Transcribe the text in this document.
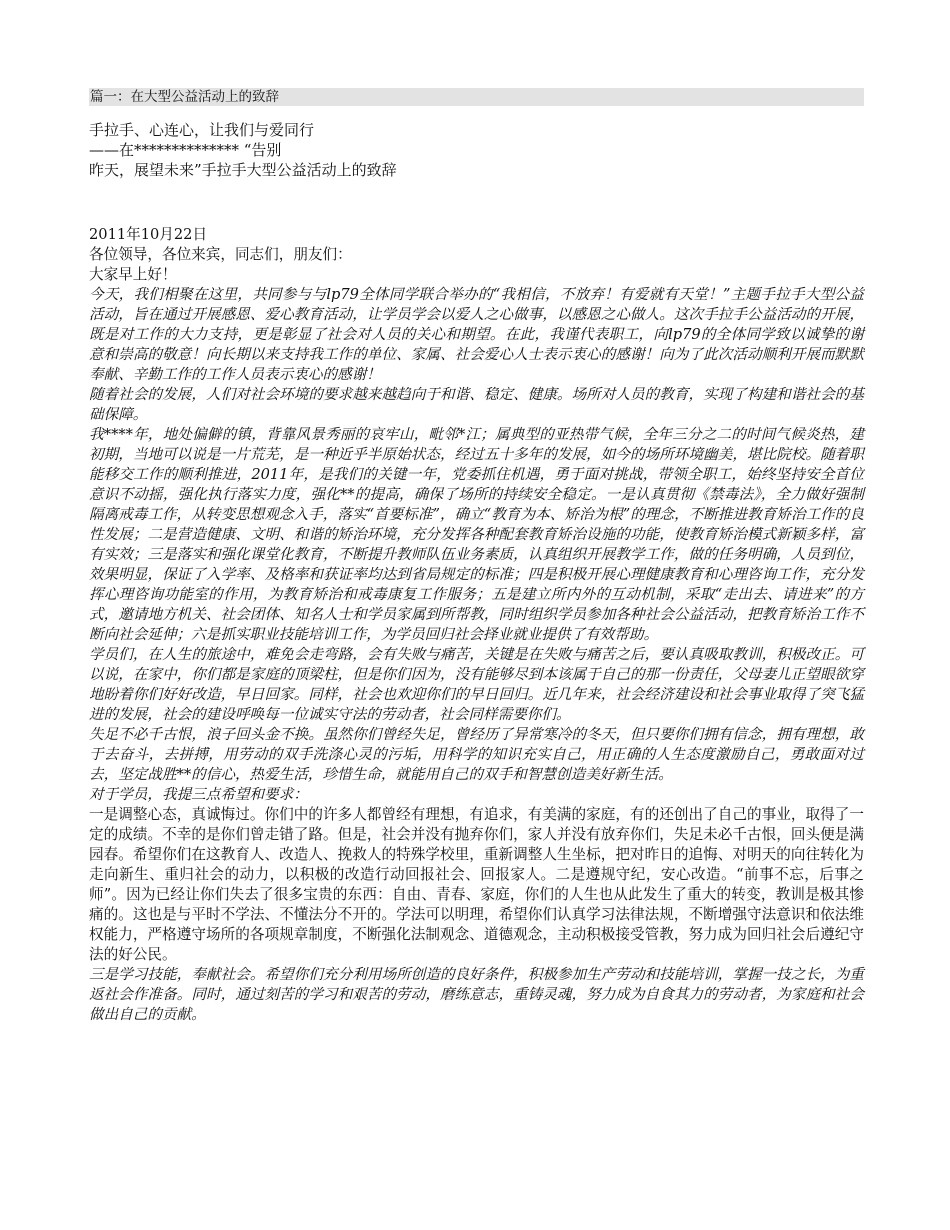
篇一：在大型公益活动上的致辞
手拉手、心连心，让我们与爱同行
——在************** “告别
昨天，展望未来”手拉手大型公益活动上的致辞

2011年10月22日

各位领导，各位来宾，同志们，朋友们：

大家早上好！

今天，我们相聚在这里，共同参与与lp79全体同学联合举办的“我相信，不放弃！有爱就有天堂！”主题手拉手大型公益活动，旨在通过开展感恩、爱心教育活动，让学员学会以爱人之心做事，以感恩之心做人。这次手拉手公益活动的开展，既是对工作的大力支持，更是彰显了社会对人员的关心和期望。在此，我谨代表职工，向lp79的全体同学致以诚挚的谢意和崇高的敬意！向长期以来支持我工作的单位、家属、社会爱心人士表示衷心的感谢！向为了此次活动顺利开展而默默奉献、辛勤工作的工作人员表示衷心的感谢！

随着社会的发展，人们对社会环境的要求越来越趋向于和谐、稳定、健康。场所对人员的教育，实现了构建和谐社会的基础保障。

我****年，地处偏僻的镇，背靠风景秀丽的哀牢山，毗邻*江；属典型的亚热带气候，全年三分之二的时间气候炎热，建初期，当地可以说是一片荒芜，是一种近乎半原始状态，经过五十多年的发展，如今的场所环境幽美，堪比院校。随着职能移交工作的顺利推进，2011年，是我们的关键一年，党委抓住机遇，勇于面对挑战，带领全职工，始终坚持安全首位意识不动摇，强化执行落实力度，强化**的提高，确保了场所的持续安全稳定。一是认真贯彻《禁毒法》，全力做好强制隔离戒毒工作，从转变思想观念入手，落实“首要标准”，确立“教育为本、矫治为根”的理念，不断推进教育矫治工作的良性发展；二是营造健康、文明、和谐的矫治环境，充分发挥各种配套教育矫治设施的功能，使教育矫治模式新颖多样，富有实效；三是落实和强化课堂化教育，不断提升教师队伍业务素质，认真组织开展教学工作，做的任务明确，人员到位，效果明显，保证了入学率、及格率和获证率均达到省局规定的标准；四是积极开展心理健康教育和心理咨询工作，充分发挥心理咨询功能室的作用，为教育矫治和戒毒康复工作服务；五是建立所内外的互动机制，采取“走出去、请进来”的方式，邀请地方机关、社会团体、知名人士和学员家属到所帮教，同时组织学员参加各种社会公益活动，把教育矫治工作不断向社会延伸；六是抓实职业技能培训工作，为学员回归社会择业就业提供了有效帮助。

学员们，在人生的旅途中，难免会走弯路，会有失败与痛苦，关键是在失败与痛苦之后，要认真吸取教训，积极改正。可以说，在家中，你们都是家庭的顶梁柱，但是你们因为，没有能够尽到本该属于自己的那一份责任，父母妻儿正望眼欲穿地盼着你们好好改造，早日回家。同样，社会也欢迎你们的早日回归。近几年来，社会经济建设和社会事业取得了突飞猛进的发展，社会的建设呼唤每一位诚实守法的劳动者，社会同样需要你们。

失足不必千古恨，浪子回头金不换。虽然你们曾经失足，曾经历了异常寒冷的冬天，但只要你们拥有信念，拥有理想，敢于去奋斗，去拼搏，用劳动的双手洗涤心灵的污垢，用科学的知识充实自己，用正确的人生态度激励自己，勇敢面对过去，坚定战胜**的信心，热爱生活，珍惜生命，就能用自己的双手和智慧创造美好新生活。

对于学员，我提三点希望和要求：

一是调整心态，真诚悔过。你们中的许多人都曾经有理想，有追求，有美满的家庭，有的还创出了自己的事业，取得了一定的成绩。不幸的是你们曾走错了路。但是，社会并没有抛弃你们，家人并没有放弃你们，失足未必千古恨，回头便是满园春。希望你们在这教育人、改造人、挽救人的特殊学校里，重新调整人生坐标，把对昨日的追悔、对明天的向往转化为走向新生、重归社会的动力，以积极的改造行动回报社会、回报家人。二是遵规守纪，安心改造。“前事不忘，后事之师”。因为已经让你们失去了很多宝贵的东西：自由、青春、家庭，你们的人生也从此发生了重大的转变，教训是极其惨痛的。这也是与平时不学法、不懂法分不开的。学法可以明理，希望你们认真学习法律法规，不断增强守法意识和依法维权能力，严格遵守场所的各项规章制度，不断强化法制观念、道德观念，主动积极接受管教，努力成为回归社会后遵纪守法的好公民。

三是学习技能，奉献社会。希望你们充分利用场所创造的良好条件，积极参加生产劳动和技能培训，掌握一技之长，为重返社会作准备。同时，通过刻苦的学习和艰苦的劳动，磨练意志，重铸灵魂，努力成为自食其力的劳动者，为家庭和社会做出自己的贡献。
